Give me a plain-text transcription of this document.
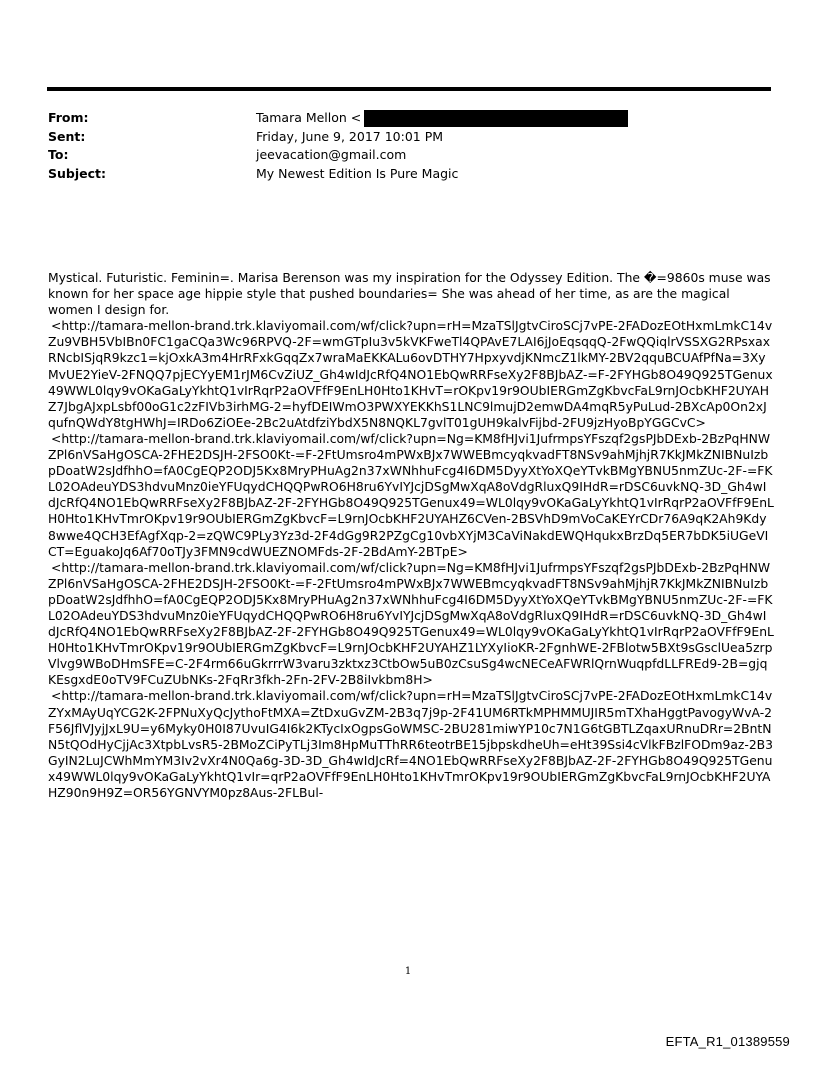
From:	Tamara Mellon <
Sent:	Friday, June 9, 2017 10:01 PM
To:	jeevacation@gmail.com
Subject:	My Newest Edition Is Pure Magic

Mystical. Futuristic. Feminin=. Marisa Berenson was my inspiration for the Odyssey Edition. The �=9860s muse was known for her space age hippie style that pushed boundaries= She was ahead of her time, as are the magical women I design for.

<http://tamara-mellon-brand.trk.klaviyomail.com/wf/click?upn=rH=MzaTSlJgtvCiroSCj7vPE-2FADozEOtHxmLmkC14vZu9VBH5VbIBn0FC1gaCQa3Wc96RPVQ-2F=wmGTpIu3v5kVKFweTl4QPAvE7LAI6jJoEqsqqQ-2FwQQiqlrVSSXG2RPsxaxRNcbISjqR9kzc1=kjOxkA3m4HrRFxkGqqZx7wraMaEKKALu6ovDTHY7HpxyvdjKNmcZ1lkMY-2BV2qquBCUAfPfNa=3XyMvUE2YieV-2FNQQ7pjECYyEM1rJM6CvZiUZ_Gh4wIdJcRfQ4NO1EbQwRRFseXy2F8BJbAZ-=F-2FYHGb8O49Q925TGenux49WWL0lqy9vOKaGaLyYkhtQ1vIrRqrP2aOVFfF9EnLH0Hto1KHvT=rOKpv19r9OUbIERGmZgKbvcFaL9rnJOcbKHF2UYAHZ7JbgAJxpLsbf00oG1c2zFIVb3irhMG-2=hyfDEIWmO3PWXYEKKhS1LNC9lmujD2emwDA4mqR5yPuLud-2BXcAp0On2xJqufnQWdY8tgHWhJ=IRDo6ZiOEe-2Bc2uAtdfziYbdX5N8NQKL7gvlT01gUH9kalvFijbd-2FU9jzHyoBpYGGCvC>

<http://tamara-mellon-brand.trk.klaviyomail.com/wf/click?upn=Ng=KM8fHJvi1JufrmpsYFszqf2gsPJbDExb-2BzPqHNWZPl6nVSaHgOSCA-2FHE2DSJH-2FSO0Kt-=F-2FtUmsro4mPWxBJx7WWEBmcyqkvadFT8NSv9ahMjhjR7KkJMkZNIBNuIzbpDoatW2sJdfhhO=fA0CgEQP2ODJ5Kx8MryPHuAg2n37xWNhhuFcg4I6DM5DyyXtYoXQeYTvkBMgYBNU5nmZUc-2F-=FKL02OAdeuYDS3hdvuMnz0ieYFUqydCHQQPwRO6H8ru6YvIYJcjDSgMwXqA8oVdgRluxQ9IHdR=rDSC6uvkNQ-3D_Gh4wIdJcRfQ4NO1EbQwRRFseXy2F8BJbAZ-2F-2FYHGb8O49Q925TGenux49=WL0lqy9vOKaGaLyYkhtQ1vIrRqrP2aOVFfF9EnLH0Hto1KHvTmrOKpv19r9OUbIERGmZgKbvcF=L9rnJOcbKHF2UYAHZ6CVen-2BSVhD9mVoCaKEYrCDr76A9qK2Ah9Kdy8wwe4QCH3EfAgfXqp-2=zQWC9PLy3Yz3d-2F4dGg9R2PZgCg10vbXYjM3CaViNakdEWQHqukxBrzDq5ER7bDK5iUGeVICT=EguakoJq6Af70oTJy3FMN9cdWUEZNOMFds-2F-2BdAmY-2BTpE>

<http://tamara-mellon-brand.trk.klaviyomail.com/wf/click?upn=Ng=KM8fHJvi1JufrmpsYFszqf2gsPJbDExb-2BzPqHNWZPl6nVSaHgOSCA-2FHE2DSJH-2FSO0Kt-=F-2FtUmsro4mPWxBJx7WWEBmcyqkvadFT8NSv9ahMjhjR7KkJMkZNIBNuIzbpDoatW2sJdfhhO=fA0CgEQP2ODJ5Kx8MryPHuAg2n37xWNhhuFcg4I6DM5DyyXtYoXQeYTvkBMgYBNU5nmZUc-2F-=FKL02OAdeuYDS3hdvuMnz0ieYFUqydCHQQPwRO6H8ru6YvIYJcjDSgMwXqA8oVdgRluxQ9IHdR=rDSC6uvkNQ-3D_Gh4wIdJcRfQ4NO1EbQwRRFseXy2F8BJbAZ-2F-2FYHGb8O49Q925TGenux49=WL0lqy9vOKaGaLyYkhtQ1vIrRqrP2aOVFfF9EnLH0Hto1KHvTmrOKpv19r9OUbIERGmZgKbvcF=L9rnJOcbKHF2UYAHZ1LYXyIioKR-2FgnhWE-2FBlotw5BXt9sGsclUea5zrpVlvg9WBoDHmSFE=C-2F4rm66uGkrrrW3varu3zktxz3CtbOw5uB0zCsuSg4wcNECeAFWRlQrnWuqpfdLLFREd9-2B=gjqKEsgxdE0oTV9FCuZUbNKs-2FqRr3fkh-2Fn-2FV-2B8iIvkbm8H>

<http://tamara-mellon-brand.trk.klaviyomail.com/wf/click?upn=rH=MzaTSlJgtvCiroSCj7vPE-2FADozEOtHxmLmkC14vZYxMAyUqYCG2K-2FPNuXyQcJythoFtMXA=ZtDxuGvZM-2B3q7j9p-2F41UM6RTkMPHMMUJIR5mTXhaHggtPavogyWvA-2F56JflVJyjJxL9U=y6Myky0H0I87UvuIG4I6k2KTycIxOgpsGoWMSC-2BU281miwYP10c7N1G6tGBTLZqaxURnuDRr=2BntNN5tQOdHyCjjAc3XtpbLvsR5-2BMoZCiPyTLj3Im8HpMuTThRR6teotrBE15jbpskdheUh=eHt39Ssi4cVlkFBzlFODm9az-2B3GyIN2LuJCWhMmYM3Iv2vXr4N0Qa6g-3D-3D_Gh4wIdJcRf=4NO1EbQwRRFseXy2F8BJbAZ-2F-2FYHGb8O49Q925TGenux49WWL0lqy9vOKaGaLyYkhtQ1vIr=qrP2aOVFfF9EnLH0Hto1KHvTmrOKpv19r9OUbIERGmZgKbvcFaL9rnJOcbKHF2UYAHZ90n9H9Z=OR56YGNVYM0pz8Aus-2FLBul-

1
EFTA_R1_01389559
